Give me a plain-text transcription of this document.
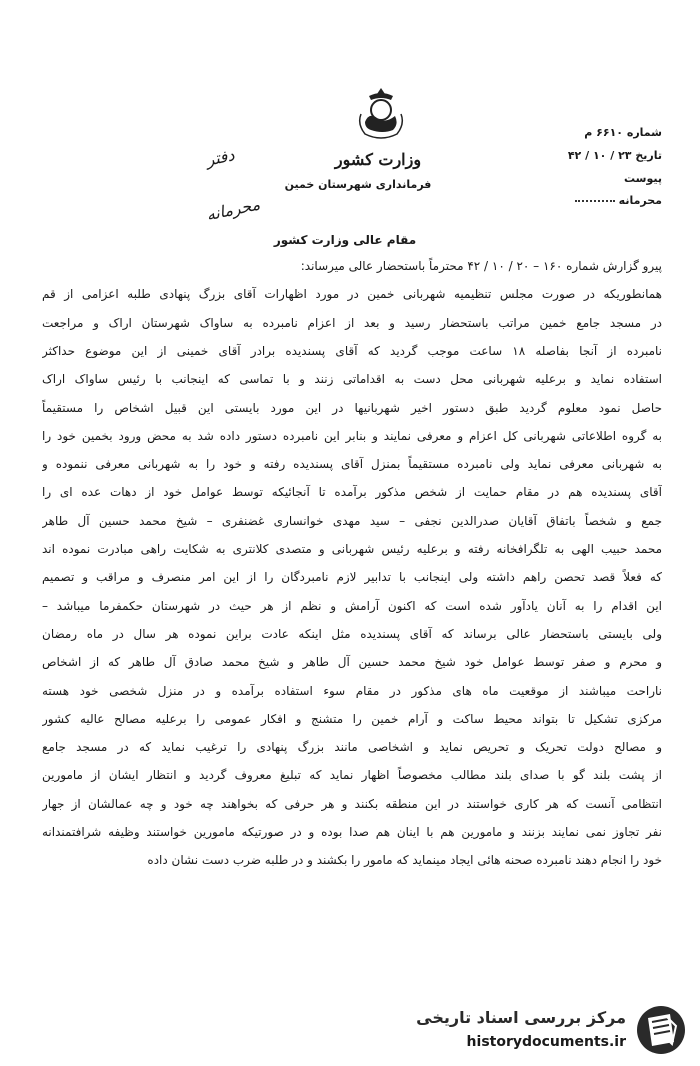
وزارت کشور
فرمانداری شهرستان خمین
شماره ۶۶۱۰ م
تاریخ ۲۳ / ۱۰ / ۴۲
پیوست
محرمانه
دفتر
محرمانه
مقام عالی وزارت کشور
پیرو گزارش شماره ۱۶۰ – ۲۰ / ۱۰ / ۴۲ محترماً باستحضار عالی میرساند:
همانطوریکه در صورت مجلس تنظیمیه شهربانی خمین در مورد اظهارات آقای بزرگ پنهادی طلبه اعزامی از قم
در مسجد جامع خمین مراتب باستحضار رسید و بعد از اعزام نامبرده به ساواک شهرستان اراک و مراجعت
نامبرده از آنجا بفاصله ۱۸ ساعت موجب گردید که آقای پسندیده برادر آقای خمینی از این موضوع حداکثر
استفاده نماید و برعلیه شهربانی محل دست به اقداماتی زنند و با تماسی که اینجانب با رئیس ساواک اراک
حاصل نمود معلوم گردید طبق دستور اخیر شهربانیها در این مورد بایستی این قبیل اشخاص را مستقیماً
به گروه اطلاعاتی شهربانی کل اعزام و معرفی نمایند و بنابر این نامبرده دستور داده شد به محض ورود بخمین خود را
به شهربانی معرفی نماید ولی نامبرده مستقیماً بمنزل آقای پسندیده رفته و خود را به شهربانی معرفی ننموده و
آقای پسندیده هم در مقام حمایت از شخص مذکور برآمده تا آنجائیکه توسط عوامل خود از دهات عده ای را
جمع و شخصاً باتفاق آقایان صدرالدین نجفی – سید مهدی خوانساری غضنفری – شیخ محمد حسین آل طاهر
محمد حبیب الهی به تلگرافخانه رفته و برعلیه رئیس شهربانی و متصدی کلانتری به شکایت راهی مبادرت نموده اند
که فعلاً قصد تحصن راهم داشته ولی اینجانب با تدابیر لازم نامبردگان را از این امر منصرف و مراقب و تصمیم
این اقدام را به آنان یادآور شده است که اکنون آرامش و نظم از هر حیث در شهرستان حکمفرما میباشد –
ولی بایستی باستحضار عالی برساند که آقای پسندیده مثل اینکه عادت براین نموده هر سال در ماه رمضان
و محرم و صفر توسط عوامل خود شیخ محمد حسین آل طاهر و شیخ محمد صادق آل طاهر که از اشخاص
ناراحت میباشند از موقعیت ماه های مذکور در مقام سوء استفاده برآمده و در منزل شخصی خود هسته
مرکزی تشکیل تا بتواند محیط ساکت و آرام خمین را متشنج و افکار عمومی را برعلیه مصالح عالیه کشور
و مصالح دولت تحریک و تحریص نماید و اشخاصی مانند بزرگ پنهادی را ترغیب نماید که در مسجد جامع
از پشت بلند گو با صدای بلند مطالب مخصوصاً اظهار نماید که تبلیغ معروف گردید و انتظار ایشان از مامورین
انتظامی آنست که هر کاری خواستند در این منطقه بکنند و هر حرفی که بخواهند چه خود و چه عمالشان از جهار
نفر تجاوز نمی نمایند بزنند و مامورین هم با اینان هم صدا بوده و در صورتیکه مامورین خواستند وظیفه شرافتمندانه
خود را انجام دهند نامبرده صحنه هائی ایجاد مینماید که مامور را بکشند و در طلبه ضرب دست نشان داده
مرکز بررسی اسناد تاریخی
historydocuments.ir
